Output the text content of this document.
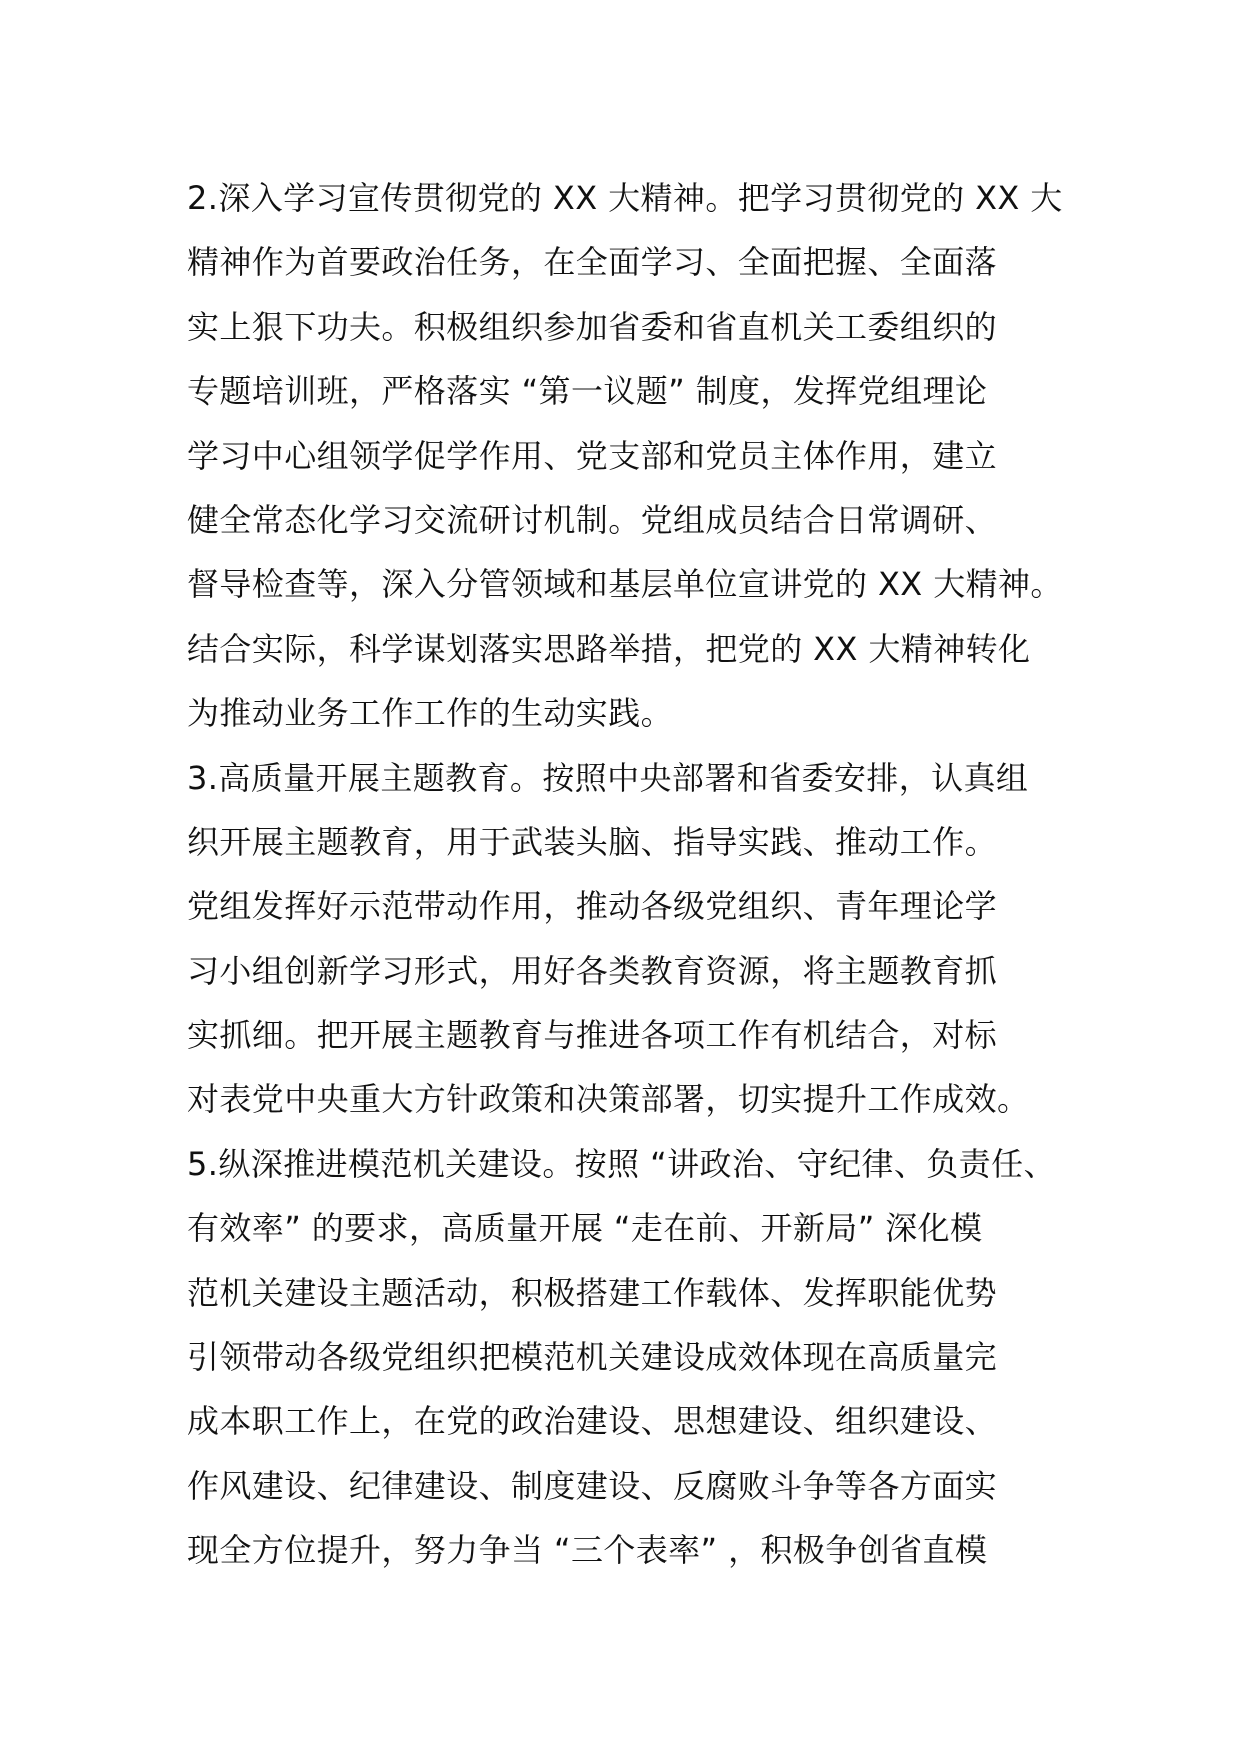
2.深入学习宣传贯彻党的 XX 大精神。把学习贯彻党的 XX 大
精神作为首要政治任务，在全面学习、全面把握、全面落
实上狠下功夫。积极组织参加省委和省直机关工委组织的
专题培训班，严格落实 “第一议题” 制度，发挥党组理论
学习中心组领学促学作用、党支部和党员主体作用，建立
健全常态化学习交流研讨机制。党组成员结合日常调研、
督导检查等，深入分管领域和基层单位宣讲党的 XX 大精神。
结合实际，科学谋划落实思路举措，把党的 XX 大精神转化
为推动业务工作工作的生动实践。
3.高质量开展主题教育。按照中央部署和省委安排，认真组
织开展主题教育，用于武装头脑、指导实践、推动工作。
党组发挥好示范带动作用，推动各级党组织、青年理论学
习小组创新学习形式，用好各类教育资源，将主题教育抓
实抓细。把开展主题教育与推进各项工作有机结合，对标
对表党中央重大方针政策和决策部署，切实提升工作成效。
5.纵深推进模范机关建设。按照 “讲政治、守纪律、负责任、
有效率” 的要求，高质量开展 “走在前、开新局” 深化模
范机关建设主题活动，积极搭建工作载体、发挥职能优势
引领带动各级党组织把模范机关建设成效体现在高质量完
成本职工作上，在党的政治建设、思想建设、组织建设、
作风建设、纪律建设、制度建设、反腐败斗争等各方面实
现全方位提升，努力争当 “三个表率” ，积极争创省直模
